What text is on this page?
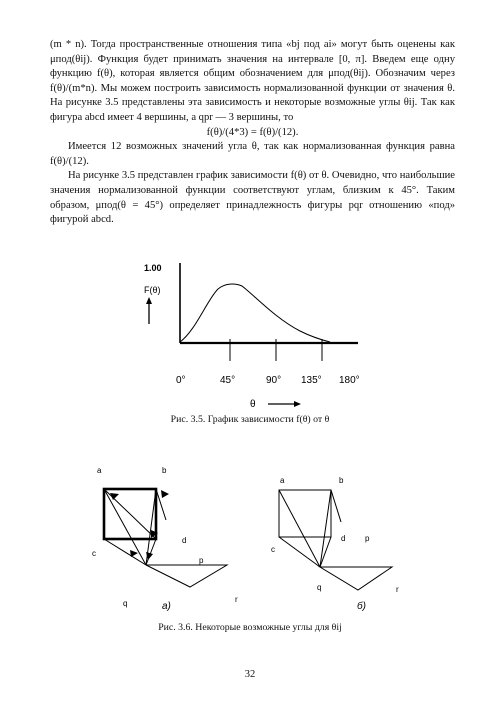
(m * n). Тогда пространственные отношения типа «bj под ai» могут быть оценены как μпод(θij). Функция будет принимать значения на интервале [0, π]. Введем еще одну функцию f(θ), которая является общим обозначением для μпод(θij). Обозначим через f(θ)/(m*n). Мы можем построить зависимость нормализованной функции от значения θ. На рисунке 3.5 представлены эта зависимость и некоторые возможные углы θij. Так как фигура abcd имеет 4 вершины, а qpr — 3 вершины, то

f(θ)/(4*3) = f(θ)/(12).

Имеется 12 возможных значений угла θ, так как нормализованная функция равна f(θ)/(12).

На рисунке 3.5 представлен график зависимости f(θ) от θ. Очевидно, что наибольшие значения нормализованной функции соответствуют углам, близким к 45°. Таким образом, μпод(θ = 45°) определяет принадлежность фигуры pqr отношению «под» фигурой abcd.

1.00
F(θ)
0°	45°	90° 135° 180°
θ
Рис. 3.5. График зависимости f(θ) от θ
a	b
c
d
p
q	r
а)
a	b
c
d p
q	r
б)
Рис. 3.6. Некоторые возможные углы для θij
32
